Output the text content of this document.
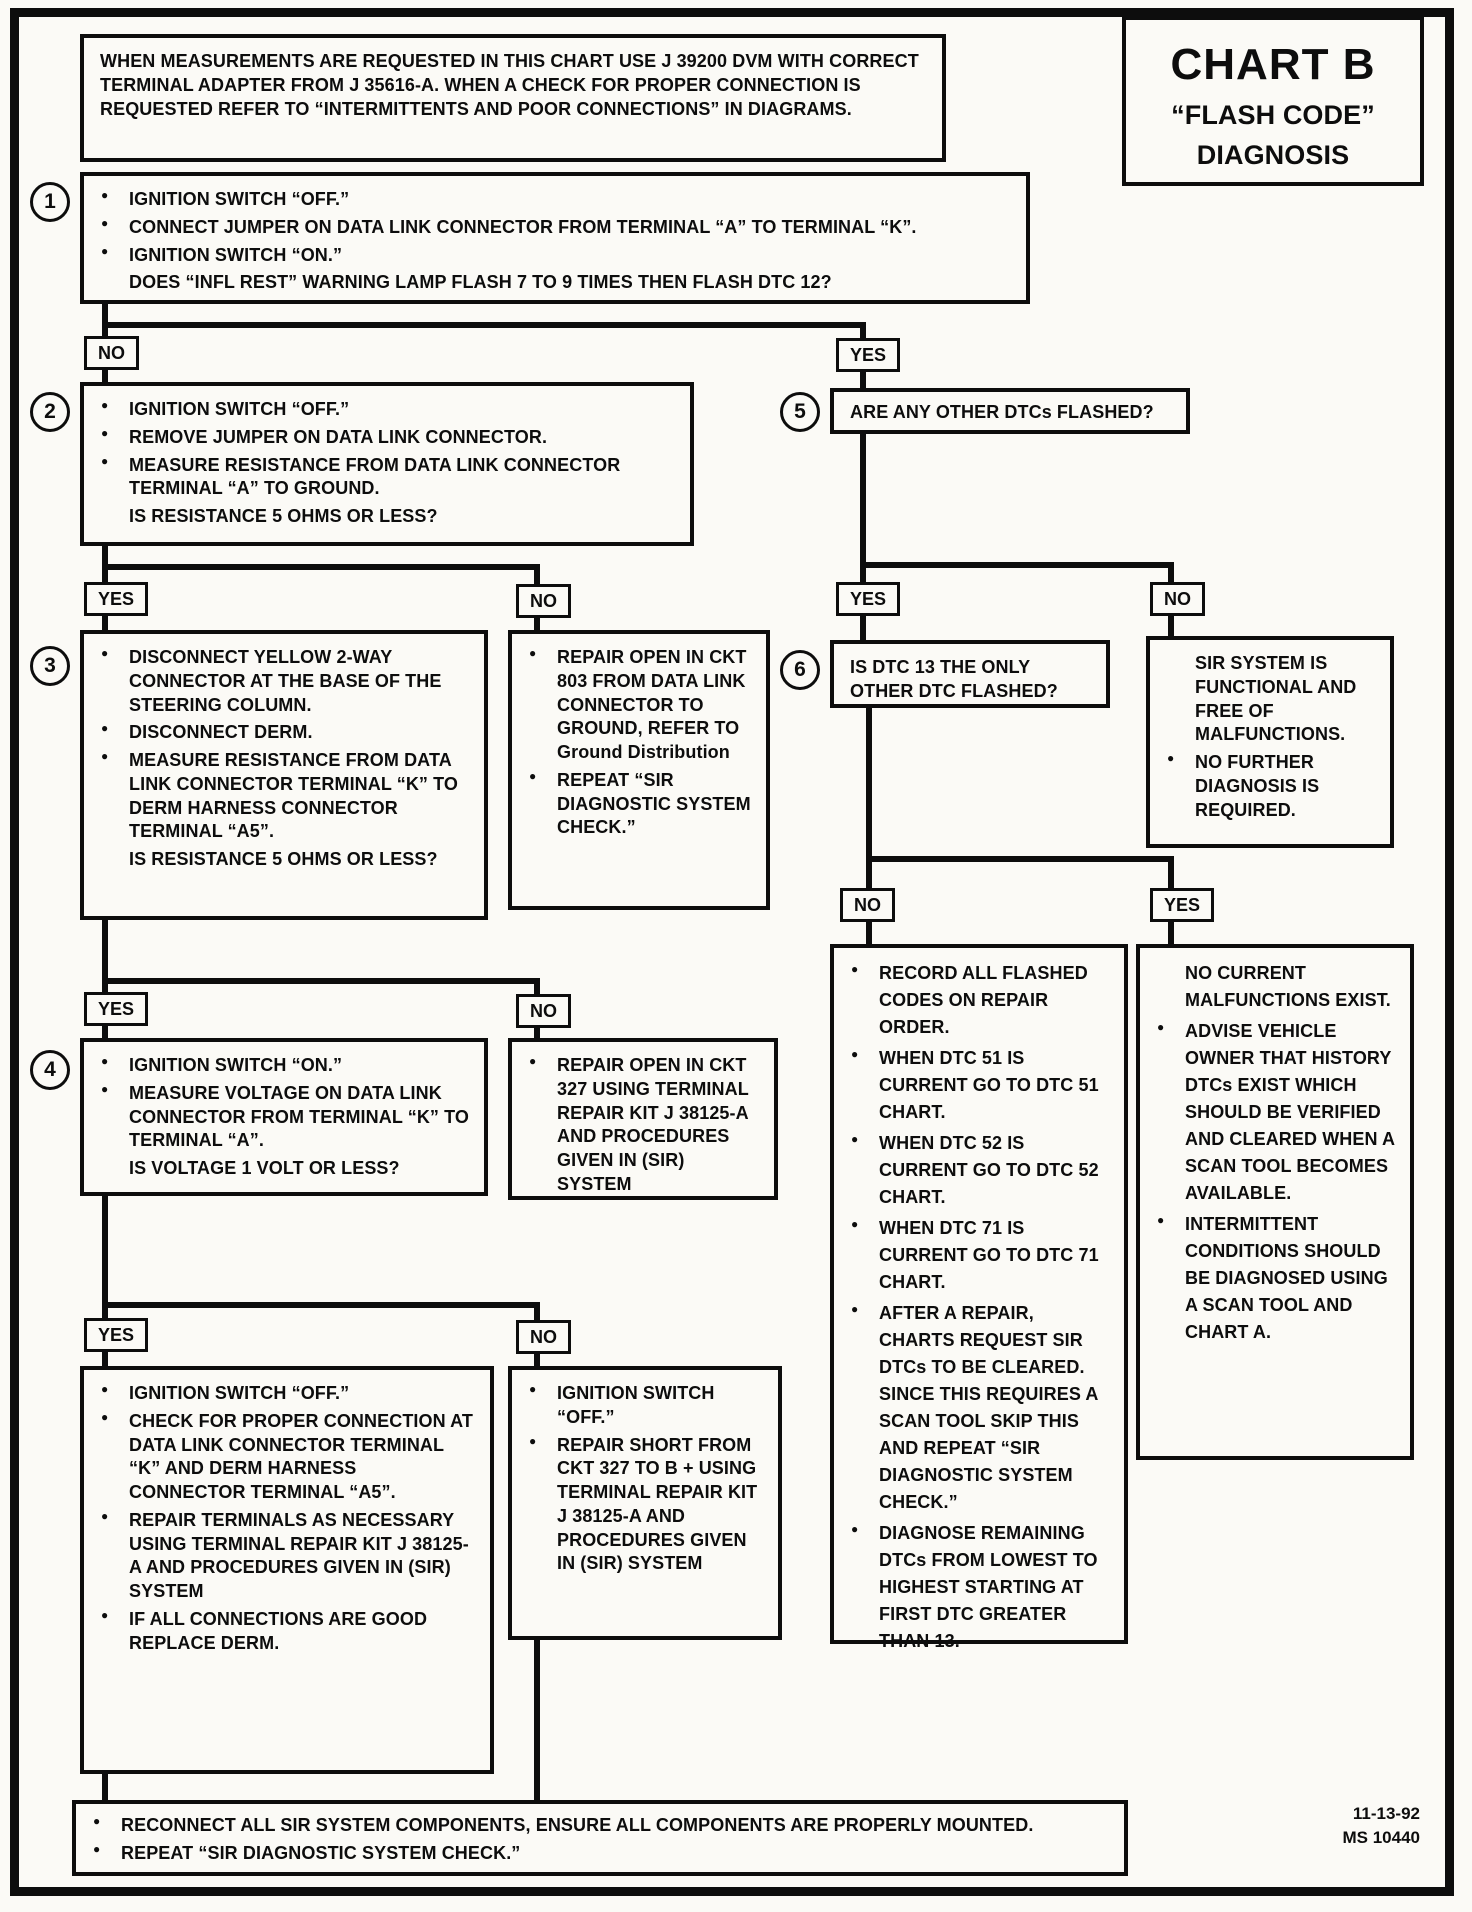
WHEN MEASUREMENTS ARE REQUESTED IN THIS CHART USE J 39200 DVM WITH CORRECT TERMINAL ADAPTER FROM J 35616-A. WHEN A CHECK FOR PROPER CONNECTION IS REQUESTED REFER TO “INTERMITTENTS AND POOR CONNECTIONS” IN DIAGRAMS.
CHART B
“FLASH CODE”
DIAGNOSIS
●	IGNITION SWITCH “OFF.”
●	CONNECT JUMPER ON DATA LINK CONNECTOR FROM TERMINAL “A” TO TERMINAL “K”.
●	IGNITION SWITCH “ON.”
DOES “INFL REST” WARNING LAMP FLASH 7 TO 9 TIMES THEN FLASH DTC 12?
1
NO	YES
●	IGNITION SWITCH “OFF.”
●	REMOVE JUMPER ON DATA LINK CONNECTOR.
●	MEASURE RESISTANCE FROM DATA LINK CONNECTOR TERMINAL “A” TO GROUND.
IS RESISTANCE 5 OHMS OR LESS?
2	ARE ANY OTHER DTCs FLASHED?
5
YES	NO	YES	NO
●	DISCONNECT YELLOW 2-WAY CONNECTOR AT THE BASE OF THE STEERING COLUMN.
●	DISCONNECT DERM.
●	MEASURE RESISTANCE FROM DATA LINK CONNECTOR TERMINAL “K” TO DERM HARNESS CONNECTOR TERMINAL “A5”.
IS RESISTANCE 5 OHMS OR LESS?
3
●	REPAIR OPEN IN CKT 803 FROM DATA LINK CONNECTOR TO GROUND, REFER TO Ground Distribution
●	REPEAT “SIR DIAGNOSTIC SYSTEM CHECK.”
IS DTC 13 THE ONLY OTHER DTC FLASHED?
6	SIR SYSTEM IS FUNCTIONAL AND FREE OF MALFUNCTIONS.
●	NO FURTHER DIAGNOSIS IS REQUIRED.
NO	YES
●	RECORD ALL FLASHED CODES ON REPAIR ORDER.
●	WHEN DTC 51 IS CURRENT GO TO DTC 51 CHART.
●	WHEN DTC 52 IS CURRENT GO TO DTC 52 CHART.
●	WHEN DTC 71 IS CURRENT GO TO DTC 71 CHART.
●	AFTER A REPAIR, CHARTS REQUEST SIR DTCs TO BE CLEARED. SINCE THIS REQUIRES A SCAN TOOL SKIP THIS AND REPEAT “SIR DIAGNOSTIC SYSTEM CHECK.”
●	DIAGNOSE REMAINING DTCs FROM LOWEST TO HIGHEST STARTING AT FIRST DTC GREATER THAN 13.
NO CURRENT MALFUNCTIONS EXIST.
●	ADVISE VEHICLE OWNER THAT HISTORY DTCs EXIST WHICH SHOULD BE VERIFIED AND CLEARED WHEN A SCAN TOOL BECOMES AVAILABLE.
●	INTERMITTENT CONDITIONS SHOULD BE DIAGNOSED USING A SCAN TOOL AND CHART A.
YES	NO
●	IGNITION SWITCH “ON.”
●	MEASURE VOLTAGE ON DATA LINK CONNECTOR FROM TERMINAL “K” TO TERMINAL “A”.
IS VOLTAGE 1 VOLT OR LESS?
4	●	REPAIR OPEN IN CKT 327 USING TERMINAL REPAIR KIT J 38125-A AND PROCEDURES GIVEN IN (SIR) SYSTEM
YES	NO
●	IGNITION SWITCH “OFF.”
●	CHECK FOR PROPER CONNECTION AT DATA LINK CONNECTOR TERMINAL “K” AND DERM HARNESS CONNECTOR TERMINAL “A5”.
●	REPAIR TERMINALS AS NECESSARY USING TERMINAL REPAIR KIT J 38125-A AND PROCEDURES GIVEN IN (SIR) SYSTEM
●	IF ALL CONNECTIONS ARE GOOD REPLACE DERM.
●	IGNITION SWITCH “OFF.”
●	REPAIR SHORT FROM CKT 327 TO B + USING TERMINAL REPAIR KIT J 38125-A AND PROCEDURES GIVEN IN (SIR) SYSTEM
●	RECONNECT ALL SIR SYSTEM COMPONENTS, ENSURE ALL COMPONENTS ARE PROPERLY MOUNTED.
●	REPEAT “SIR DIAGNOSTIC SYSTEM CHECK.”
11-13-92
MS 10440
